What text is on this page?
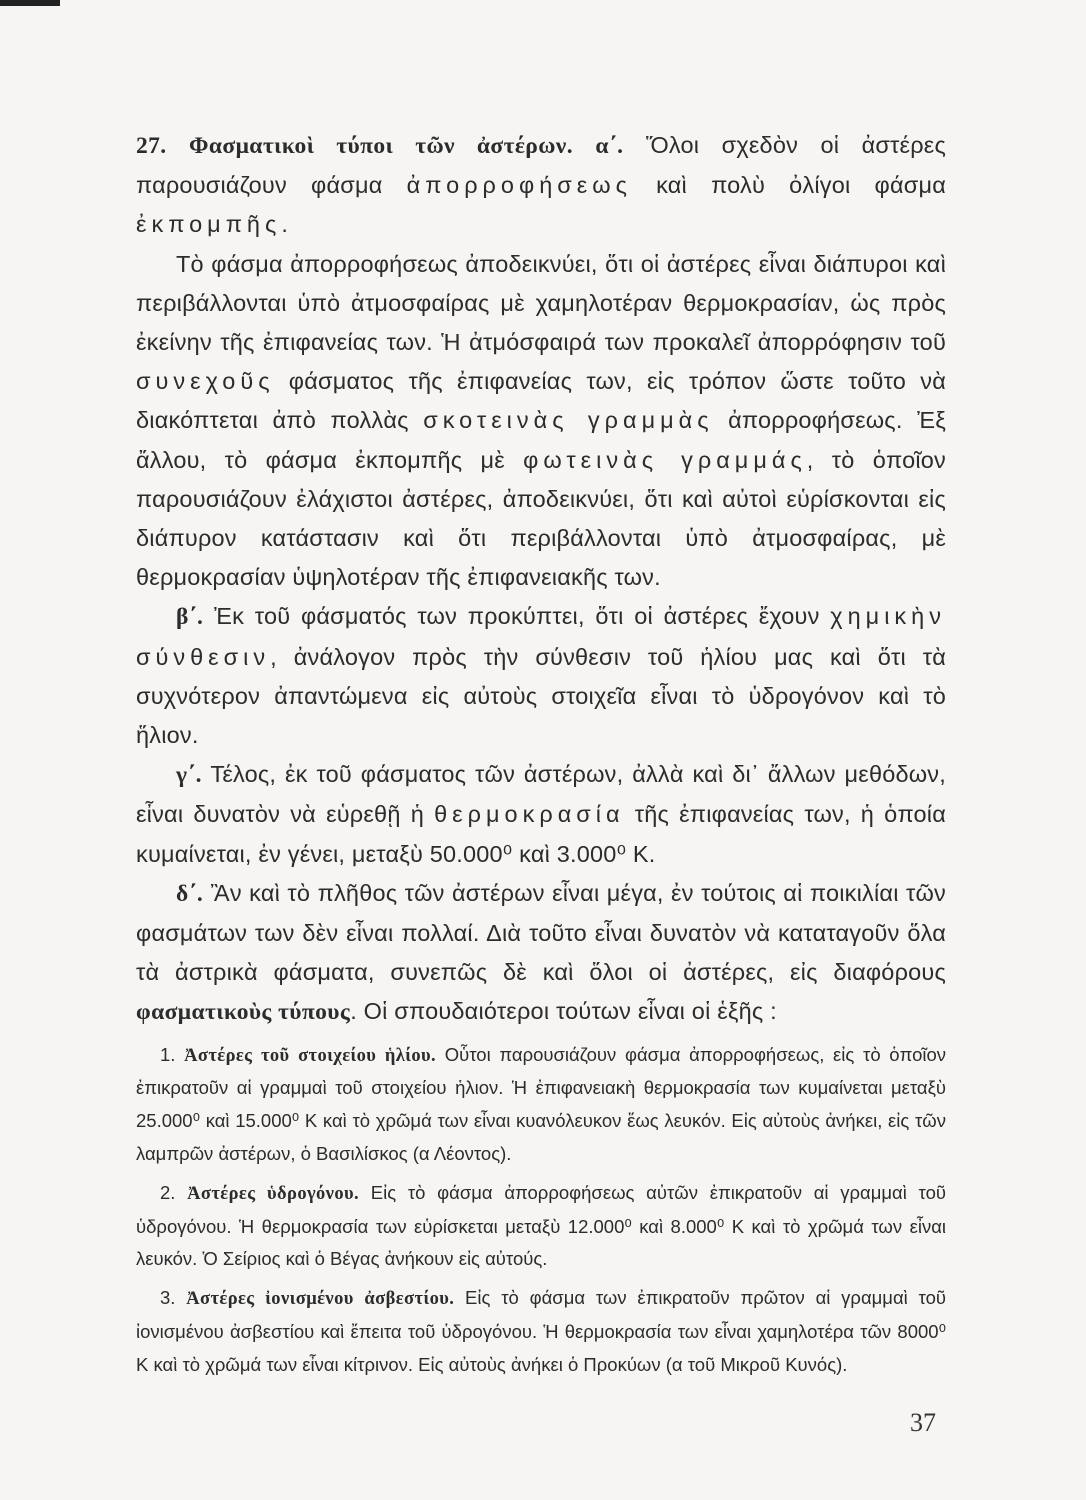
27. Φασματικοὶ τύποι τῶν ἀστέρων. α΄. Ὅλοι σχεδὸν οἱ ἀστέρες παρουσιάζουν φάσμα ἀπορροφήσεως καὶ πολὺ ὀλίγοι φάσμα ἐκπομπῆς.

Τὸ φάσμα ἀπορροφήσεως ἀποδεικνύει, ὅτι οἱ ἀστέρες εἶναι διάπυροι καὶ περιβάλλονται ὑπὸ ἀτμοσφαίρας μὲ χαμηλοτέραν θερμοκρασίαν, ὡς πρὸς ἐκείνην τῆς ἐπιφανείας των. Ἡ ἀτμόσφαιρά των προκαλεῖ ἀπορρόφησιν τοῦ συνεχοῦς φάσματος τῆς ἐπιφανείας των, εἰς τρόπον ὥστε τοῦτο νὰ διακόπτεται ἀπὸ πολλὰς σκοτεινὰς γραμμὰς ἀπορροφήσεως. Ἐξ ἄλλου, τὸ φάσμα ἐκπομπῆς μὲ φωτεινὰς γραμμάς, τὸ ὁποῖον παρουσιάζουν ἐλάχιστοι ἀστέρες, ἀποδεικνύει, ὅτι καὶ αὐτοὶ εὑρίσκονται εἰς διάπυρον κατάστασιν καὶ ὅτι περιβάλλονται ὑπὸ ἀτμοσφαίρας, μὲ θερμοκρασίαν ὑψηλοτέραν τῆς ἐπιφανειακῆς των.

β΄. Ἐκ τοῦ φάσματός των προκύπτει, ὅτι οἱ ἀστέρες ἔχουν χημικὴν σύνθεσιν, ἀνάλογον πρὸς τὴν σύνθεσιν τοῦ ἡλίου μας καὶ ὅτι τὰ συχνότερον ἀπαντώμενα εἰς αὐτοὺς στοιχεῖα εἶναι τὸ ὑδρογόνον καὶ τὸ ἥλιον.

γ΄. Τέλος, ἐκ τοῦ φάσματος τῶν ἀστέρων, ἀλλὰ καὶ δι᾿ ἄλλων μεθόδων, εἶναι δυνατὸν νὰ εὑρεθῇ ἡ θερμοκρασία τῆς ἐπιφανείας των, ἡ ὁποία κυμαίνεται, ἐν γένει, μεταξὺ 50.000⁰ καὶ 3.000⁰ Κ.

δ΄. Ἂν καὶ τὸ πλῆθος τῶν ἀστέρων εἶναι μέγα, ἐν τούτοις αἱ ποικιλίαι τῶν φασμάτων των δὲν εἶναι πολλαί. Διὰ τοῦτο εἶναι δυνατὸν νὰ καταταγοῦν ὅλα τὰ ἀστρικὰ φάσματα, συνεπῶς δὲ καὶ ὅλοι οἱ ἀστέρες, εἰς διαφόρους φασματικοὺς τύπους. Οἱ σπουδαιότεροι τούτων εἶναι οἱ ἑξῆς :

1. Ἀστέρες τοῦ στοιχείου ἡλίου. Οὗτοι παρουσιάζουν φάσμα ἀπορροφήσεως, εἰς τὸ ὁποῖον ἐπικρατοῦν αἱ γραμμαὶ τοῦ στοιχείου ἡλιον. Ἡ ἐπιφανειακὴ θερμοκρασία των κυμαίνεται μεταξὺ 25.000⁰ καὶ 15.000⁰ Κ καὶ τὸ χρῶμά των εἶναι κυανόλευκον ἕως λευκόν. Εἰς αὐτοὺς ἀνήκει, εἰς τῶν λαμπρῶν ἀστέρων, ὁ Βασιλίσκος (α Λέοντος).

2. Ἀστέρες ὑδρογόνου. Εἰς τὸ φάσμα ἀπορροφήσεως αὐτῶν ἐπικρατοῦν αἱ γραμμαὶ τοῦ ὑδρογόνου. Ἡ θερμοκρασία των εὑρίσκεται μεταξὺ 12.000⁰ καὶ 8.000⁰ Κ καὶ τὸ χρῶμά των εἶναι λευκόν. Ὁ Σείριος καὶ ὁ Βέγας ἀνήκουν εἰς αὐτούς.

3. Ἀστέρες ἰονισμένου ἀσβεστίου. Εἰς τὸ φάσμα των ἐπικρατοῦν πρῶτον αἱ γραμμαὶ τοῦ ἰονισμένου ἀσβεστίου καὶ ἔπειτα τοῦ ὑδρογόνου. Ἡ θερμοκρασία των εἶναι χαμηλοτέρα τῶν 8000⁰ Κ καὶ τὸ χρῶμά των εἶναι κίτρινον. Εἰς αὐτοὺς ἀνήκει ὁ Προκύων (α τοῦ Μικροῦ Κυνός).

37
